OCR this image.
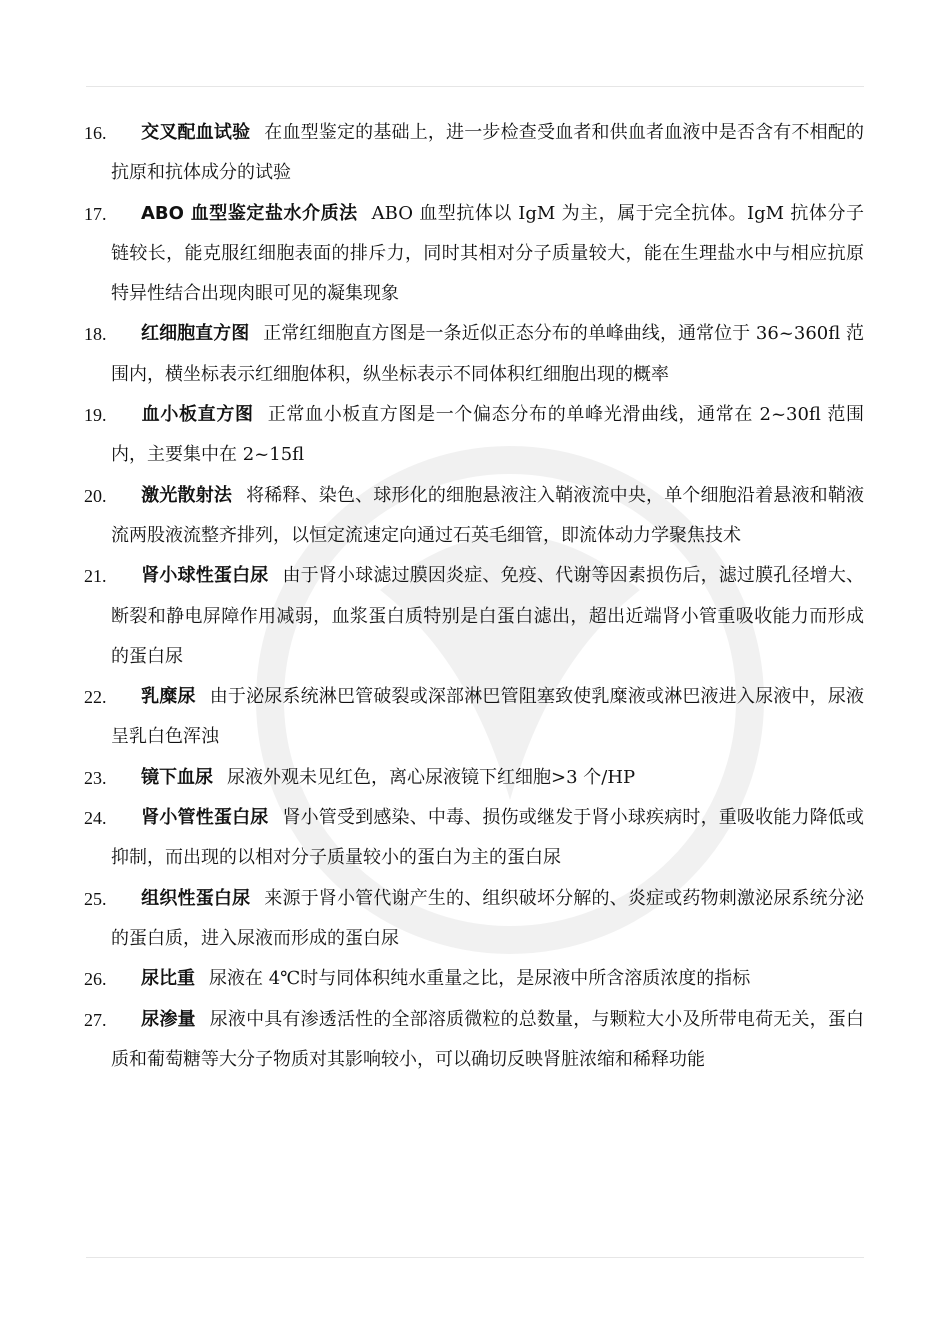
16.	交叉配血试验 在血型鉴定的基础上，进一步检查受血者和供血者血液中是否含有不相配的抗原和抗体成分的试验

17.	ABO 血型鉴定盐水介质法 ABO 血型抗体以 IgM 为主，属于完全抗体。IgM 抗体分子链较长，能克服红细胞表面的排斥力，同时其相对分子质量较大，能在生理盐水中与相应抗原特异性结合出现肉眼可见的凝集现象

18.	红细胞直方图 正常红细胞直方图是一条近似正态分布的单峰曲线，通常位于 36~360fl 范围内，横坐标表示红细胞体积，纵坐标表示不同体积红细胞出现的概率

19.	血小板直方图 正常血小板直方图是一个偏态分布的单峰光滑曲线，通常在 2~30fl 范围内，主要集中在 2~15fl

20.	激光散射法 将稀释、染色、球形化的细胞悬液注入鞘液流中央，单个细胞沿着悬液和鞘液流两股液流整齐排列，以恒定流速定向通过石英毛细管，即流体动力学聚焦技术

21.	肾小球性蛋白尿 由于肾小球滤过膜因炎症、免疫、代谢等因素损伤后，滤过膜孔径增大、断裂和静电屏障作用减弱，血浆蛋白质特别是白蛋白滤出，超出近端肾小管重吸收能力而形成的蛋白尿

22.	乳糜尿 由于泌尿系统淋巴管破裂或深部淋巴管阻塞致使乳糜液或淋巴液进入尿液中，尿液呈乳白色浑浊

23.	镜下血尿 尿液外观未见红色，离心尿液镜下红细胞>3 个/HP

24.	肾小管性蛋白尿 肾小管受到感染、中毒、损伤或继发于肾小球疾病时，重吸收能力降低或抑制，而出现的以相对分子质量较小的蛋白为主的蛋白尿

25.	组织性蛋白尿 来源于肾小管代谢产生的、组织破坏分解的、炎症或药物刺激泌尿系统分泌的蛋白质，进入尿液而形成的蛋白尿

26.	尿比重 尿液在 4℃时与同体积纯水重量之比，是尿液中所含溶质浓度的指标

27.	尿渗量 尿液中具有渗透活性的全部溶质微粒的总数量，与颗粒大小及所带电荷无关，蛋白质和葡萄糖等大分子物质对其影响较小，可以确切反映肾脏浓缩和稀释功能
